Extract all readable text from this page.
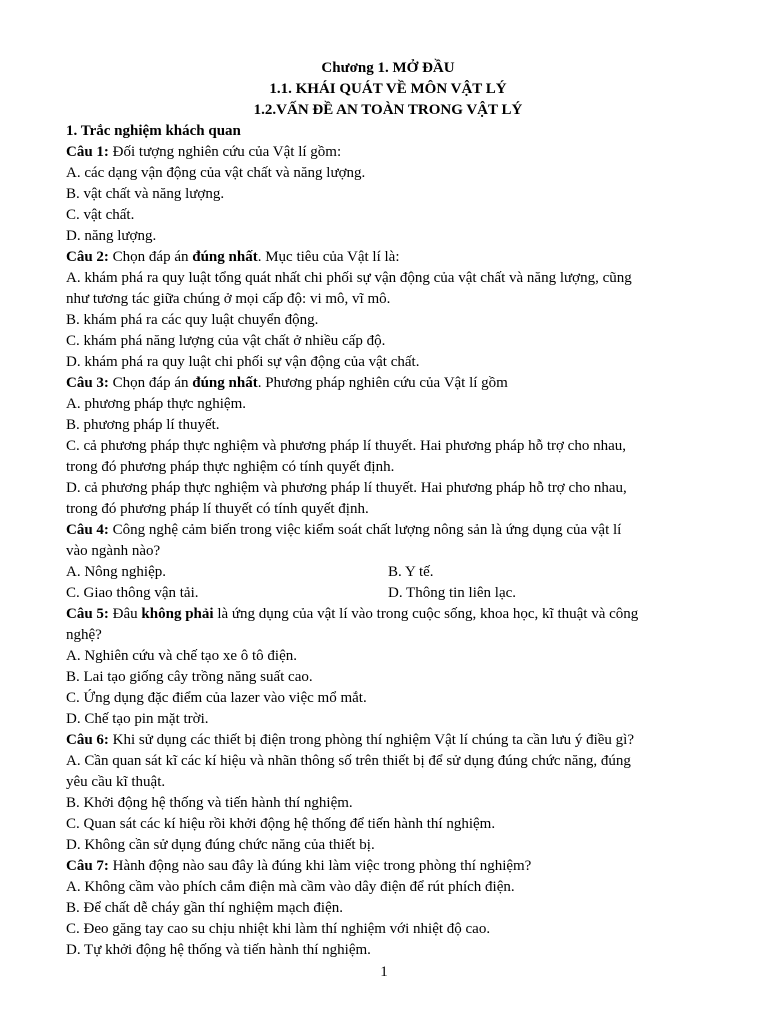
Chương 1. MỞ ĐẦU
1.1. KHÁI QUÁT VỀ MÔN VẬT LÝ
1.2.VẤN ĐỀ AN TOÀN TRONG VẬT LÝ
1. Trắc nghiệm khách quan
Câu 1: Đối tượng nghiên cứu của Vật lí gồm:
A. các dạng vận động của vật chất và năng lượng.
B. vật chất và năng lượng.
C. vật chất.
D. năng lượng.
Câu 2: Chọn đáp án đúng nhất. Mục tiêu của Vật lí là:
A. khám phá ra quy luật tổng quát nhất chi phối sự vận động của vật chất và năng lượng, cũng
như tương tác giữa chúng ở mọi cấp độ: vi mô, vĩ mô.
B. khám phá ra các quy luật chuyển động.
C. khám phá năng lượng của vật chất ở nhiều cấp độ.
D. khám phá ra quy luật chi phối sự vận động của vật chất.
Câu 3: Chọn đáp án đúng nhất. Phương pháp nghiên cứu của Vật lí gồm
A. phương pháp thực nghiệm.
B. phương pháp lí thuyết.
C. cả phương pháp thực nghiệm và phương pháp lí thuyết. Hai phương pháp hỗ trợ cho nhau,
trong đó phương pháp thực nghiệm có tính quyết định.
D. cả phương pháp thực nghiệm và phương pháp lí thuyết. Hai phương pháp hỗ trợ cho nhau,
trong đó phương pháp lí thuyết có tính quyết định.
Câu 4: Công nghệ cảm biến trong việc kiểm soát chất lượng nông sản là ứng dụng của vật lí
vào ngành nào?
A. Nông nghiệp.	B. Y tế.
C. Giao thông vận tải.	D. Thông tin liên lạc.
Câu 5: Đâu không phải là ứng dụng của vật lí vào trong cuộc sống, khoa học, kĩ thuật và công
nghệ?
A. Nghiên cứu và chế tạo xe ô tô điện.
B. Lai tạo giống cây trồng năng suất cao.
C. Ứng dụng đặc điểm của lazer vào việc mổ mắt.
D. Chế tạo pin mặt trời.
Câu 6: Khi sử dụng các thiết bị điện trong phòng thí nghiệm Vật lí chúng ta cần lưu ý điều gì?
A. Cần quan sát kĩ các kí hiệu và nhãn thông số trên thiết bị để sử dụng đúng chức năng, đúng
yêu cầu kĩ thuật.
B. Khởi động hệ thống và tiến hành thí nghiệm.
C. Quan sát các kí hiệu rồi khởi động hệ thống để tiến hành thí nghiệm.
D. Không cần sử dụng đúng chức năng của thiết bị.
Câu 7: Hành động nào sau đây là đúng khi làm việc trong phòng thí nghiệm?
A. Không cầm vào phích cắm điện mà cầm vào dây điện để rút phích điện.
B. Để chất dễ cháy gần thí nghiệm mạch điện.
C. Đeo găng tay cao su chịu nhiệt khi làm thí nghiệm với nhiệt độ cao.
D. Tự khởi động hệ thống và tiến hành thí nghiệm.
1
